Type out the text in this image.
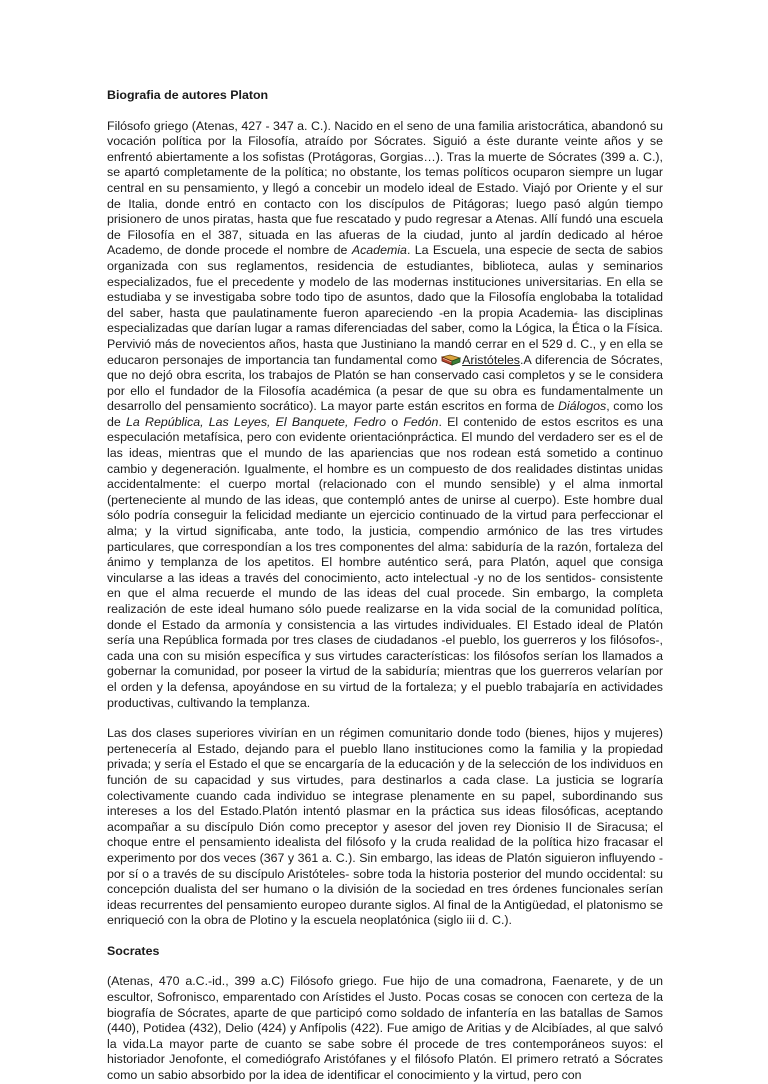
Biografia de autores Platon

Filósofo griego (Atenas, 427 - 347 a. C.). Nacido en el seno de una familia aristocrática, abandonó su vocación política por la Filosofía, atraído por Sócrates. Siguió a éste durante veinte años y se enfrentó abiertamente a los sofistas (Protágoras, Gorgias…). Tras la muerte de Sócrates (399 a. C.), se apartó completamente de la política; no obstante, los temas políticos ocuparon siempre un lugar central en su pensamiento, y llegó a concebir un modelo ideal de Estado. Viajó por Oriente y el sur de Italia, donde entró en contacto con los discípulos de Pitágoras; luego pasó algún tiempo prisionero de unos piratas, hasta que fue rescatado y pudo regresar a Atenas. Allí fundó una escuela de Filosofía en el 387, situada en las afueras de la ciudad, junto al jardín dedicado al héroe Academo, de donde procede el nombre de Academia. La Escuela, una especie de secta de sabios organizada con sus reglamentos, residencia de estudiantes, biblioteca, aulas y seminarios especializados, fue el precedente y modelo de las modernas instituciones universitarias. En ella se estudiaba y se investigaba sobre todo tipo de asuntos, dado que la Filosofía englobaba la totalidad del saber, hasta que paulatinamente fueron apareciendo -en la propia Academia- las disciplinas especializadas que darían lugar a ramas diferenciadas del saber, como la Lógica, la Ética o la Física. Pervivió más de novecientos años, hasta que Justiniano la mandó cerrar en el 529 d. C., y en ella se educaron personajes de importancia tan fundamental como Aristóteles.A diferencia de Sócrates, que no dejó obra escrita, los trabajos de Platón se han conservado casi completos y se le considera por ello el fundador de la Filosofía académica (a pesar de que su obra es fundamentalmente un desarrollo del pensamiento socrático). La mayor parte están escritos en forma de Diálogos, como los de La República, Las Leyes, El Banquete, Fedro o Fedón. El contenido de estos escritos es una especulación metafísica, pero con evidente orientaciónpráctica. El mundo del verdadero ser es el de las ideas, mientras que el mundo de las apariencias que nos rodean está sometido a continuo cambio y degeneración. Igualmente, el hombre es un compuesto de dos realidades distintas unidas accidentalmente: el cuerpo mortal (relacionado con el mundo sensible) y el alma inmortal (perteneciente al mundo de las ideas, que contempló antes de unirse al cuerpo). Este hombre dual sólo podría conseguir la felicidad mediante un ejercicio continuado de la virtud para perfeccionar el alma; y la virtud significaba, ante todo, la justicia, compendio armónico de las tres virtudes particulares, que correspondían a los tres componentes del alma: sabiduría de la razón, fortaleza del ánimo y templanza de los apetitos. El hombre auténtico será, para Platón, aquel que consiga vincularse a las ideas a través del conocimiento, acto intelectual -y no de los sentidos- consistente en que el alma recuerde el mundo de las ideas del cual procede. Sin embargo, la completa realización de este ideal humano sólo puede realizarse en la vida social de la comunidad política, donde el Estado da armonía y consistencia a las virtudes individuales. El Estado ideal de Platón sería una República formada por tres clases de ciudadanos -el pueblo, los guerreros y los filósofos-, cada una con su misión específica y sus virtudes características: los filósofos serían los llamados a gobernar la comunidad, por poseer la virtud de la sabiduría; mientras que los guerreros velarían por el orden y la defensa, apoyándose en su virtud de la fortaleza; y el pueblo trabajaría en actividades productivas, cultivando la templanza.

Las dos clases superiores vivirían en un régimen comunitario donde todo (bienes, hijos y mujeres) pertenecería al Estado, dejando para el pueblo llano instituciones como la familia y la propiedad privada; y sería el Estado el que se encargaría de la educación y de la selección de los individuos en función de su capacidad y sus virtudes, para destinarlos a cada clase. La justicia se lograría colectivamente cuando cada individuo se integrase plenamente en su papel, subordinando sus intereses a los del Estado.Platón intentó plasmar en la práctica sus ideas filosóficas, aceptando acompañar a su discípulo Dión como preceptor y asesor del joven rey Dionisio II de Siracusa; el choque entre el pensamiento idealista del filósofo y la cruda realidad de la política hizo fracasar el experimento por dos veces (367 y 361 a. C.). Sin embargo, las ideas de Platón siguieron influyendo -por sí o a través de su discípulo Aristóteles- sobre toda la historia posterior del mundo occidental: su concepción dualista del ser humano o la división de la sociedad en tres órdenes funcionales serían ideas recurrentes del pensamiento europeo durante siglos. Al final de la Antigüedad, el platonismo se enriqueció con la obra de Plotino y la escuela neoplatónica (siglo iii d. C.).

Socrates

(Atenas, 470 a.C.-id., 399 a.C) Filósofo griego. Fue hijo de una comadrona, Faenarete, y de un escultor, Sofronisco, emparentado con Arístides el Justo. Pocas cosas se conocen con certeza de la biografía de Sócrates, aparte de que participó como soldado de infantería en las batallas de Samos (440), Potidea (432), Delio (424) y Anfípolis (422). Fue amigo de Aritias y de Alcibíades, al que salvó la vida.La mayor parte de cuanto se sabe sobre él procede de tres contemporáneos suyos: el historiador Jenofonte, el comediógrafo Aristófanes y el filósofo Platón. El primero retrató a Sócrates como un sabio absorbido por la idea de identificar el conocimiento y la virtud, pero con
